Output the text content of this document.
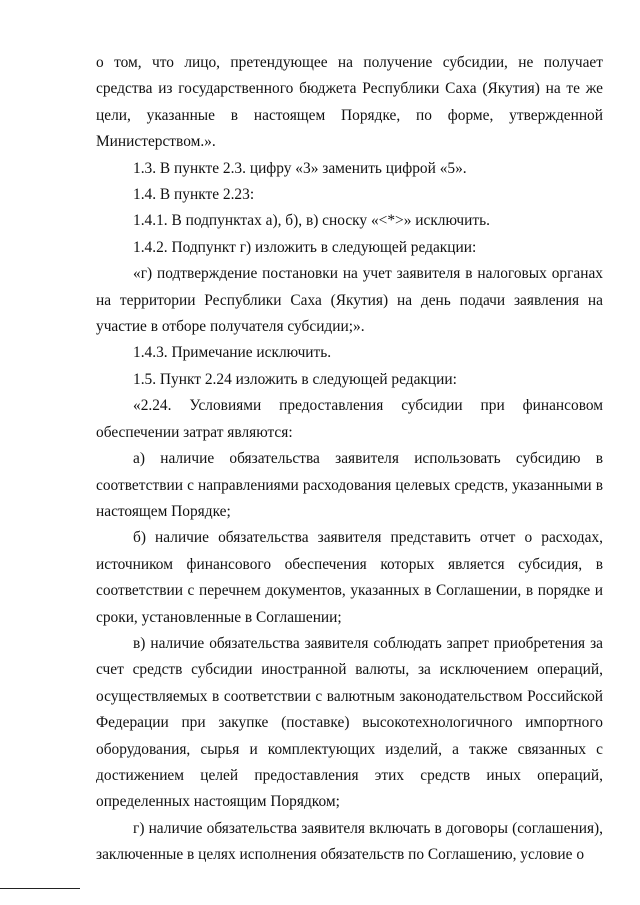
о том, что лицо, претендующее на получение субсидии, не получает средства из государственного бюджета Республики Саха (Якутия) на те же цели, указанные в настоящем Порядке, по форме, утвержденной Министерством.».

1.3. В пункте 2.3. цифру «3» заменить цифрой «5».

1.4. В пункте 2.23:

1.4.1. В подпунктах а), б), в) сноску «<*>» исключить.

1.4.2. Подпункт г) изложить в следующей редакции:

«г) подтверждение постановки на учет заявителя в налоговых органах на территории Республики Саха (Якутия) на день подачи заявления на участие в отборе получателя субсидии;».

1.4.3. Примечание исключить.

1.5. Пункт 2.24 изложить в следующей редакции:

«2.24. Условиями предоставления субсидии при финансовом обеспечении затрат являются:

а) наличие обязательства заявителя использовать субсидию в соответствии с направлениями расходования целевых средств, указанными в настоящем Порядке;

б) наличие обязательства заявителя представить отчет о расходах, источником финансового обеспечения которых является субсидия, в соответствии с перечнем документов, указанных в Соглашении, в порядке и сроки, установленные в Соглашении;

в) наличие обязательства заявителя соблюдать запрет приобретения за счет средств субсидии иностранной валюты, за исключением операций, осуществляемых в соответствии с валютным законодательством Российской Федерации при закупке (поставке) высокотехнологичного импортного оборудования, сырья и комплектующих изделий, а также связанных с достижением целей предоставления этих средств иных операций, определенных настоящим Порядком;

г) наличие обязательства заявителя включать в договоры (соглашения), заключенные в целях исполнения обязательств по Соглашению, условие о
